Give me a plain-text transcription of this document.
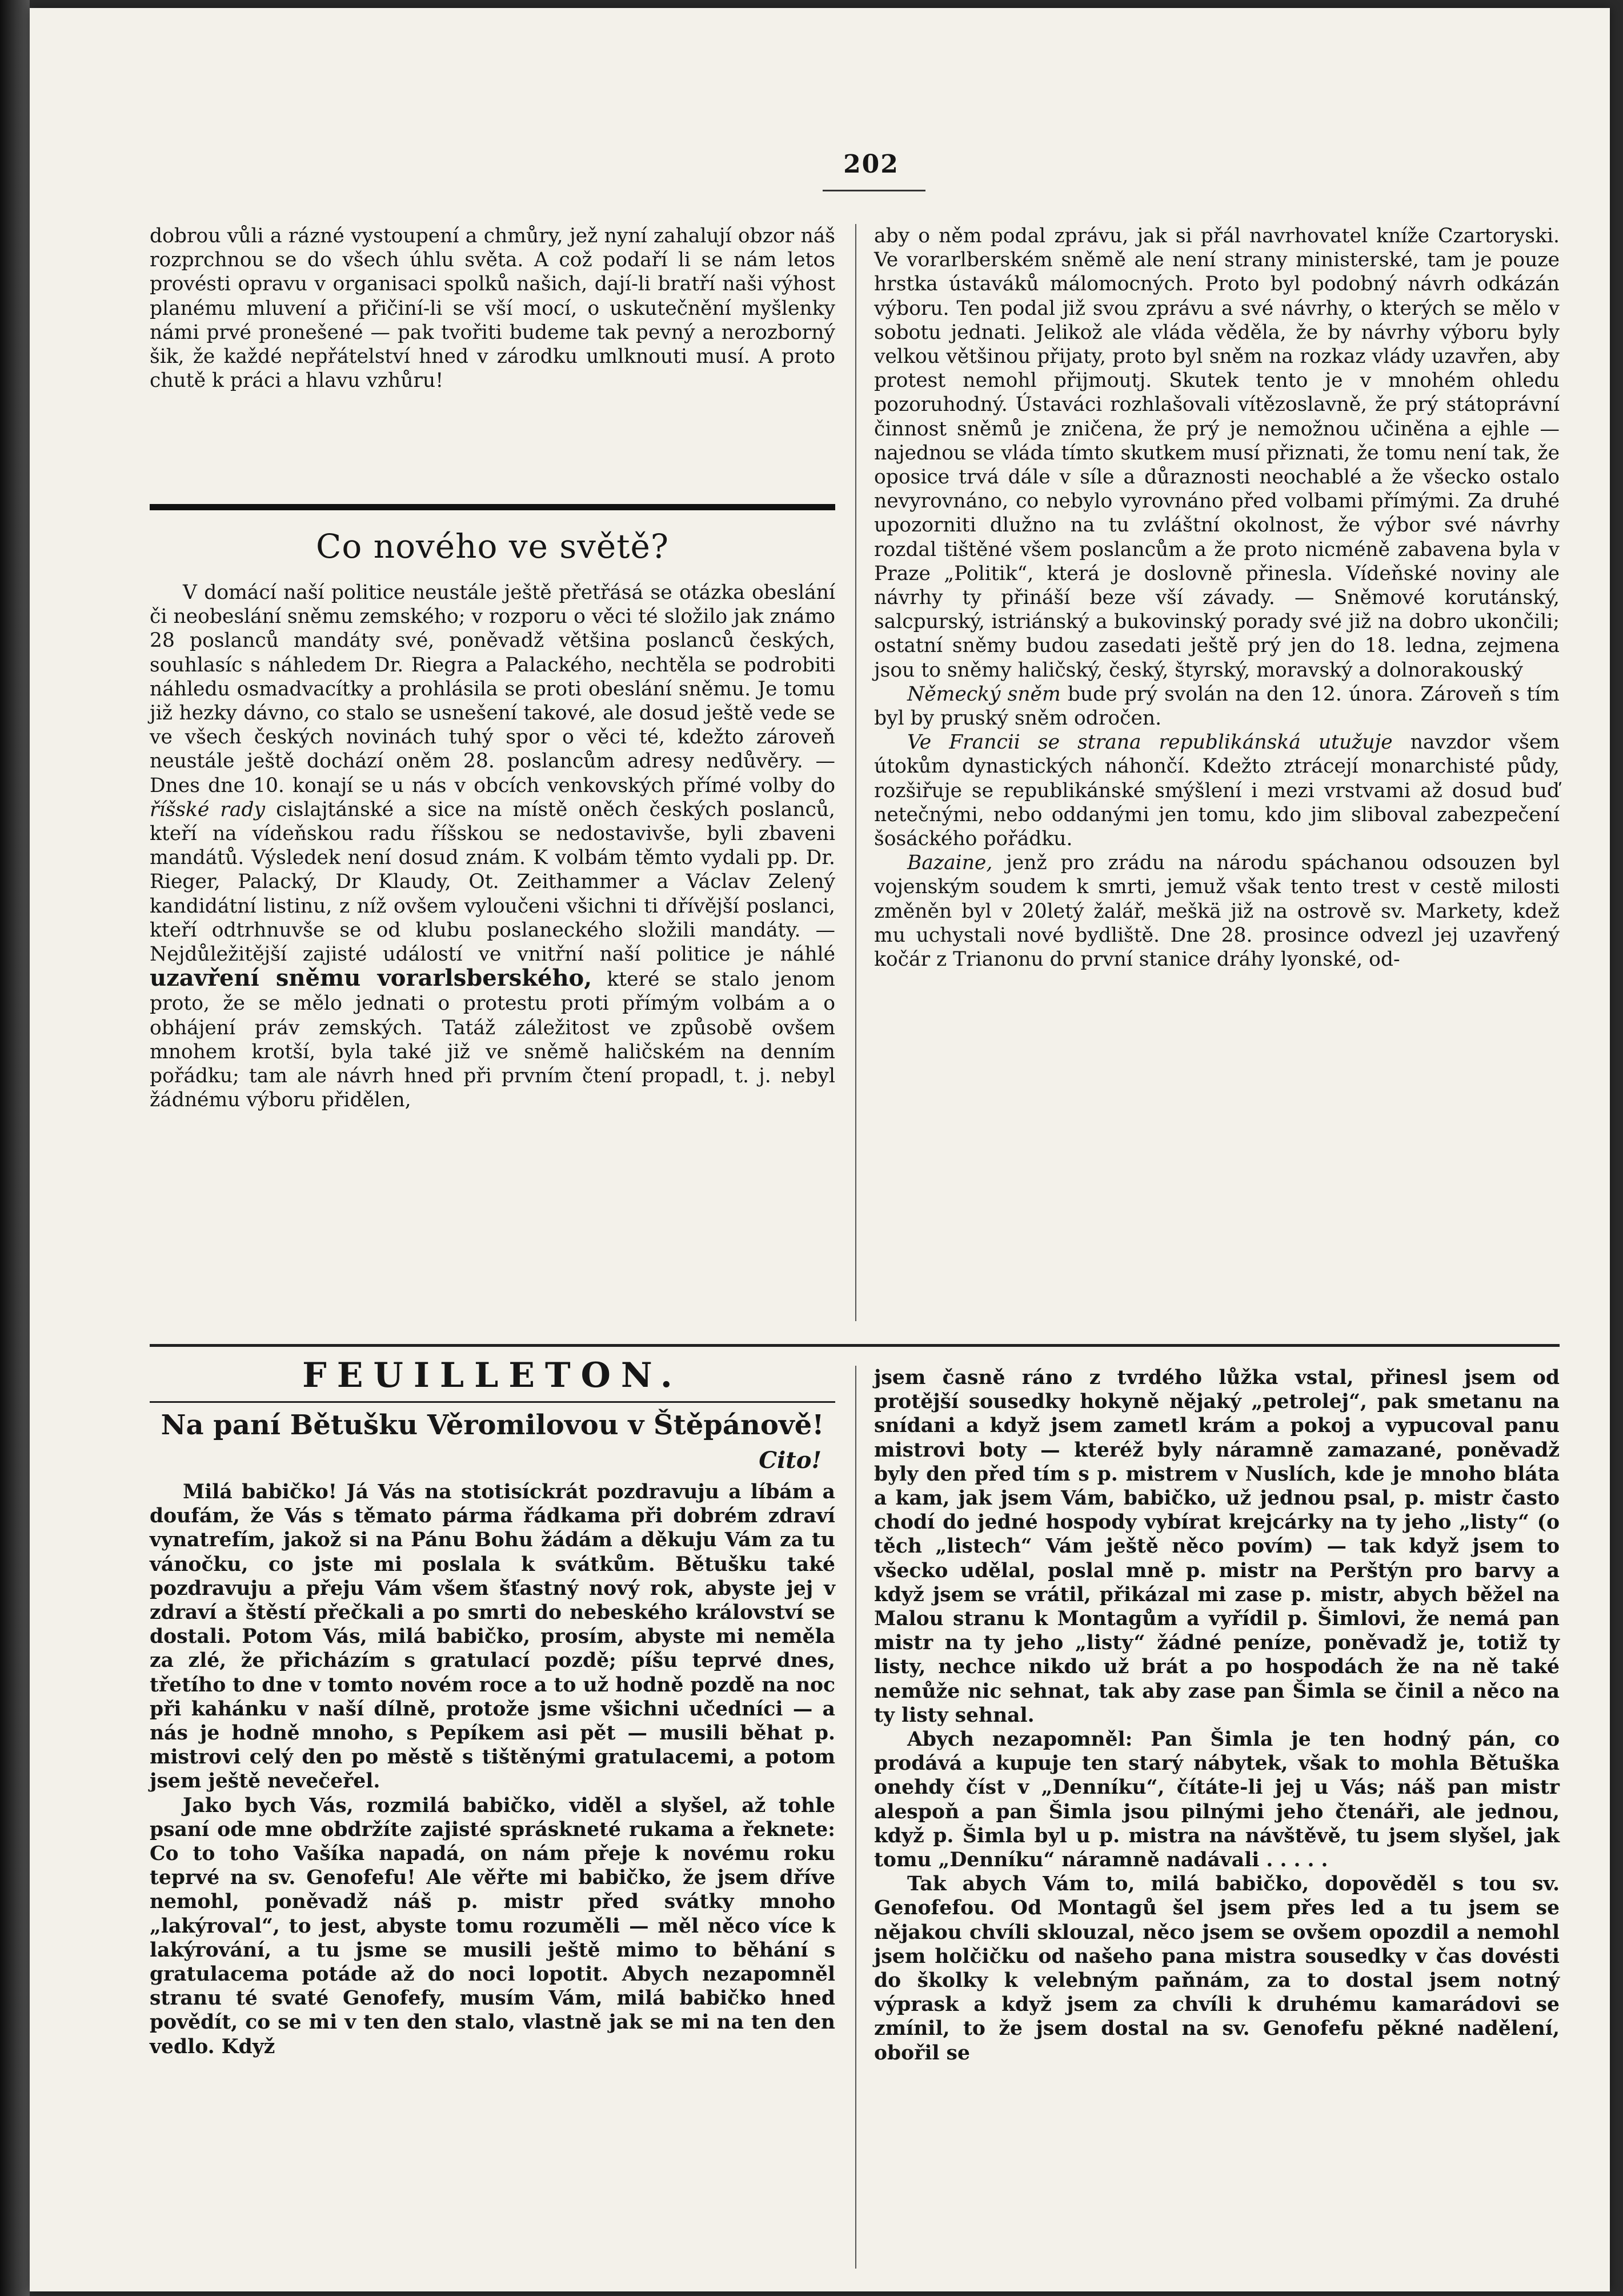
202

dobrou vůli a rázné vystoupení a chmůry, jež nyní zahalují obzor náš rozprchnou se do všech úhlu světa. A což podaří li se nám letos provésti opravu v organisaci spolků našich, dají-li bratří naši výhost planému mluvení a přičiní-li se vší mocí, o uskutečnění myšlenky námi prvé pronešené — pak tvořiti budeme tak pevný a nerozborný šik, že každé nepřátelství hned v zárodku umlknouti musí. A proto chutě k práci a hlavu vzhůru!

Co nového ve světě?

V domácí naší politice neustále ještě přetřásá se otázka obeslání či neobeslání sněmu zemského; v rozporu o věci té složilo jak známo 28 poslanců mandáty své, poněvadž většina poslanců českých, souhlasíc s náhledem Dr. Riegra a Palackého, nechtěla se podrobiti náhledu osmadvacítky a prohlásila se proti obeslání sněmu. Je tomu již hezky dávno, co stalo se usnešení takové, ale dosud ještě vede se ve všech českých novinách tuhý spor o věci té, kdežto zároveň neustále ještě dochází oněm 28. poslancům adresy nedůvěry. — Dnes dne 10. konají se u nás v obcích venkovských přímé volby do říšské rady cislajtánské a sice na místě oněch českých poslanců, kteří na vídeňskou radu říšskou se nedostavivše, byli zbaveni mandátů. Výsledek není dosud znám. K volbám těmto vydali pp. Dr. Rieger, Palacký, Dr Klaudy, Ot. Zeithammer a Václav Zelený kandidátní listinu, z níž ovšem vyloučeni všichni ti dřívější poslanci, kteří odtrhnuvše se od klubu poslaneckého složili mandáty. — Nejdůležitější zajisté událostí ve vnitřní naší politice je náhlé uzavření sněmu vorarlsberského, které se stalo jenom proto, že se mělo jednati o protestu proti přímým volbám a o obhájení práv zemských. Tatáž záležitost ve způsobě ovšem mnohem krotší, byla také již ve sněmě haličském na denním pořádku; tam ale návrh hned při prvním čtení propadl, t. j. nebyl žádnému výboru přidělen,

aby o něm podal zprávu, jak si přál navrhovatel kníže Czartoryski. Ve vorarlberském sněmě ale není strany ministerské, tam je pouze hrstka ústaváků málomocných. Proto byl podobný návrh odkázán výboru. Ten podal již svou zprávu a své návrhy, o kterých se mělo v sobotu jednati. Jelikož ale vláda věděla, že by návrhy výboru byly velkou většinou přijaty, proto byl sněm na rozkaz vlády uzavřen, aby protest nemohl přijmoutj. Skutek tento je v mnohém ohledu pozoruhodný. Ústaváci rozhlašovali vítězoslavně, že prý státoprávní činnost sněmů je zničena, že prý je nemožnou učiněna a ejhle — najednou se vláda tímto skutkem musí přiznati, že tomu není tak, že oposice trvá dále v síle a důraznosti neochablé a že všecko ostalo nevyrovnáno, co nebylo vyrovnáno před volbami přímými. Za druhé upozorniti dlužno na tu zvláštní okolnost, že výbor své návrhy rozdal tištěné všem poslancům a že proto nicméně zabavena byla v Praze „Politik“, která je doslovně přinesla. Vídeňské noviny ale návrhy ty přináší beze vší závady. — Sněmové korutánský, salcpurský, istriánský a bukovinský porady své již na dobro ukončili; ostatní sněmy budou zasedati ještě prý jen do 18. ledna, zejmena jsou to sněmy haličský, český, štyrský, moravský a dolnorakouský

Německý sněm bude prý svolán na den 12. února. Zároveň s tím byl by pruský sněm odročen.

Ve Francii se strana republikánská utužuje navzdor všem útokům dynastických náhončí. Kdežto ztrácejí monarchisté půdy, rozšiřuje se republikánské smýšlení i mezi vrstvami až dosud buď netečnými, nebo oddanými jen tomu, kdo jim sliboval zabezpečení šosáckého pořádku.

Bazaine, jenž pro zrádu na národu spáchanou odsouzen byl vojenským soudem k smrti, jemuž však tento trest v cestě milosti změněn byl v 20letý žalář, meškä již na ostrově sv. Markety, kdež mu uchystali nové bydliště. Dne 28. prosince odvezl jej uzavřený kočár z Trianonu do první stanice dráhy lyonské, od-

FEUILLETON.
Na paní Bětušku Věromilovou v Štěpánově!
Cito!

Milá babičko! Já Vás na stotisíckrát pozdravuju a líbám a doufám, že Vás s těmato párma řádkama při dobrém zdraví vynatrefím, jakož si na Pánu Bohu žádám a děkuju Vám za tu vánočku, co jste mi poslala k svátkům. Bětušku také pozdravuju a přeju Vám všem šťastný nový rok, abyste jej v zdraví a štěstí přečkali a po smrti do nebeského království se dostali. Potom Vás, milá babičko, prosím, abyste mi neměla za zlé, že přicházím s gratulací pozdě; píšu teprvé dnes, třetího to dne v tomto novém roce a to už hodně pozdě na noc při kahánku v naší dílně, protože jsme všichni učedníci — a nás je hodně mnoho, s Pepíkem asi pět — musili běhat p. mistrovi celý den po městě s tištěnými gratulacemi, a potom jsem ještě nevečeřel.

Jako bych Vás, rozmilá babičko, viděl a slyšel, až tohle psaní ode mne obdržíte zajisté spráskneté rukama a řeknete: Co to toho Vašíka napadá, on nám přeje k novému roku teprvé na sv. Genofefu! Ale věřte mi babičko, že jsem dříve nemohl, poněvadž náš p. mistr před svátky mnoho „lakýroval“, to jest, abyste tomu rozuměli — měl něco více k lakýrování, a tu jsme se musili ještě mimo to běhání s gratulacema potáde až do noci lopotit. Abych nezapomněl stranu té svaté Genofefy, musím Vám, milá babičko hned povědít, co se mi v ten den stalo, vlastně jak se mi na ten den vedlo. Když

jsem časně ráno z tvrdého lůžka vstal, přinesl jsem od protější sousedky hokyně nějaký „petrolej“, pak smetanu na snídani a když jsem zametl krám a pokoj a vypucoval panu mistrovi boty — kteréž byly náramně zamazané, poněvadž byly den před tím s p. mistrem v Nuslích, kde je mnoho bláta a kam, jak jsem Vám, babičko, už jednou psal, p. mistr často chodí do jedné hospody vybírat krejcárky na ty jeho „listy“ (o těch „listech“ Vám ještě něco povím) — tak když jsem to všecko udělal, poslal mně p. mistr na Perštýn pro barvy a když jsem se vrátil, přikázal mi zase p. mistr, abych běžel na Malou stranu k Montagům a vyřídil p. Šimlovi, že nemá pan mistr na ty jeho „listy“ žádné peníze, poněvadž je, totiž ty listy, nechce nikdo už brát a po hospodách že na ně také nemůže nic sehnat, tak aby zase pan Šimla se činil a něco na ty listy sehnal.

Abych nezapomněl: Pan Šimla je ten hodný pán, co prodává a kupuje ten starý nábytek, však to mohla Bětuška onehdy číst v „Denníku“, čítáte-li jej u Vás; náš pan mistr alespoň a pan Šimla jsou pilnými jeho čtenáři, ale jednou, když p. Šimla byl u p. mistra na návštěvě, tu jsem slyšel, jak tomu „Denníku“ náramně nadávali . . . . .

Tak abych Vám to, milá babičko, dopověděl s tou sv. Genofefou. Od Montagů šel jsem přes led a tu jsem se nějakou chvíli sklouzal, něco jsem se ovšem opozdil a nemohl jsem holčičku od našeho pana mistra sousedky v čas dovésti do školky k velebným paňnám, za to dostal jsem notný výprask a když jsem za chvíli k druhému kamarádovi se zmínil, to že jsem dostal na sv. Genofefu pěkné nadělení, obořil se
